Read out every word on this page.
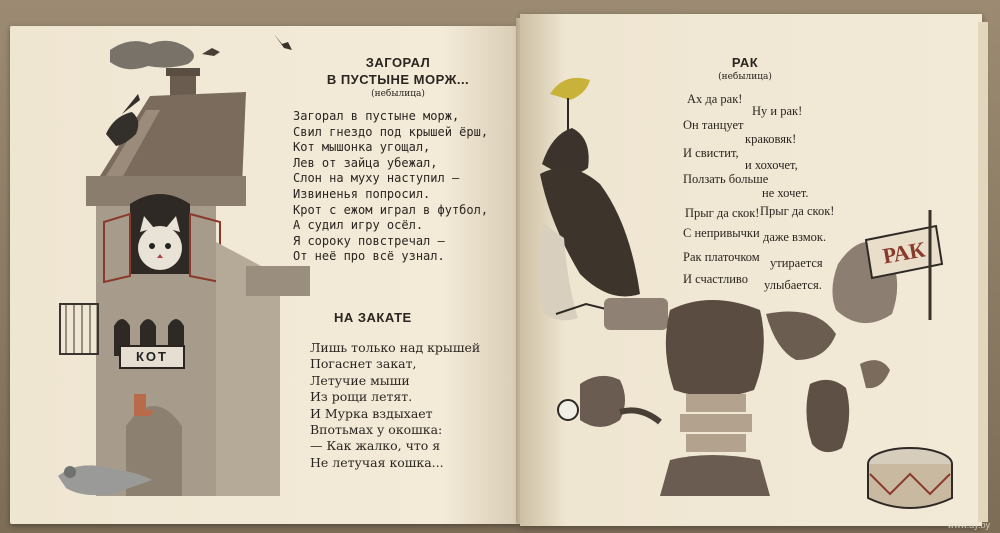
КОТ
ЗАГОРАЛ
В ПУСТЫНЕ МОРЖ...
(небылица)
Загорал в пустыне морж,
Свил гнездо под крышей ёрш,
Кот мышонка угощал,
Лев от зайца убежал,
Слон на муху наступил —
Извиненья попросил.
Крот с ежом играл в футбол,
А судил игру осёл.
Я сороку повстречал —
От неё про всё узнал.
НА ЗАКАТЕ
Лишь только над крышей
Погаснет закат,
Летучие мыши
Из рощи летят.
И Мурка вздыхает
Впотьмах у окошка:
— Как жалко, что я
Не летучая кошка...
РАК
РАК
(небылица)
Ах да рак!
Ну и рак!
Он танцует
краковяк!
И свистит,
и хохочет,
Ползать больше
не хочет.
Прыг да скок! Прыг да скок!
С непривычки даже взмок.
Рак платочком утирается
И счастливо улыбается.
www.ay.by
